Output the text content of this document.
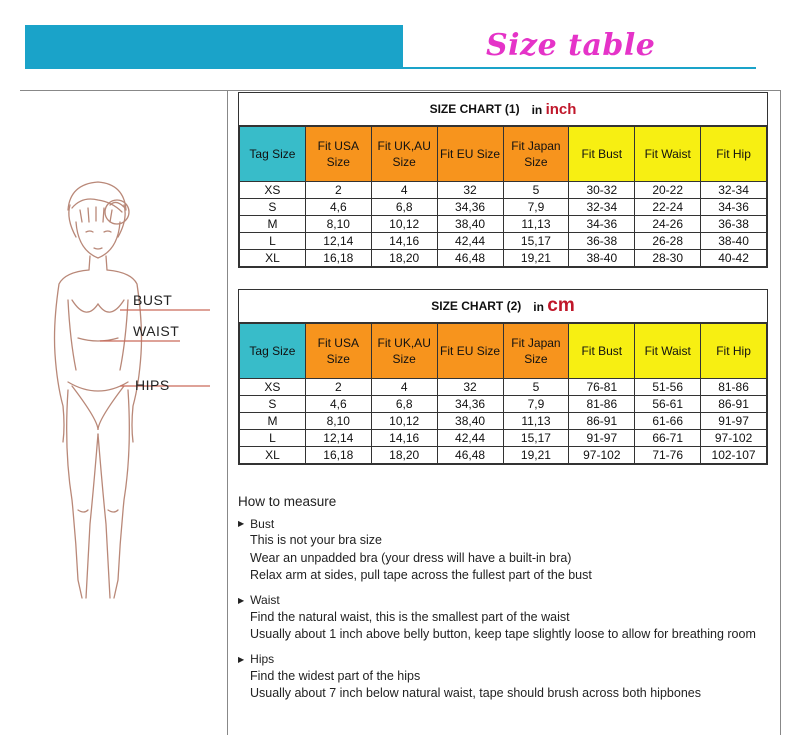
Size table
BUST
WAIST
HIPS
SIZE CHART (1) in inch
Tag Size	Fit USA Size	Fit UK,AU Size	Fit EU Size	Fit Japan Size	Fit Bust	Fit Waist	Fit Hip
XS	2	4	32	5	30-32	20-22	32-34
S	4,6	6,8	34,36	7,9	32-34	22-24	34-36
M	8,10	10,12	38,40	11,13	34-36	24-26	36-38
L	12,14	14,16	42,44	15,17	36-38	26-28	38-40
XL	16,18	18,20	46,48	19,21	38-40	28-30	40-42
SIZE CHART (2) in cm
Tag Size	Fit USA Size	Fit UK,AU Size	Fit EU Size	Fit Japan Size	Fit Bust	Fit Waist	Fit Hip
XS	2	4	32	5	76-81	51-56	81-86
S	4,6	6,8	34,36	7,9	81-86	56-61	86-91
M	8,10	10,12	38,40	11,13	86-91	61-66	91-97
L	12,14	14,16	42,44	15,17	91-97	66-71	97-102
XL	16,18	18,20	46,48	19,21	97-102	71-76	102-107
How to measure
▶ Bust
This is not your bra size
Wear an unpadded bra (your dress will have a built-in bra)
Relax arm at sides, pull tape across the fullest part of the bust
▶ Waist
Find the natural waist, this is the smallest part of the waist
Usually about 1 inch above belly button, keep tape slightly loose to allow for breathing room
▶ Hips
Find the widest part of the hips
Usually about 7 inch below natural waist, tape should brush across both hipbones
